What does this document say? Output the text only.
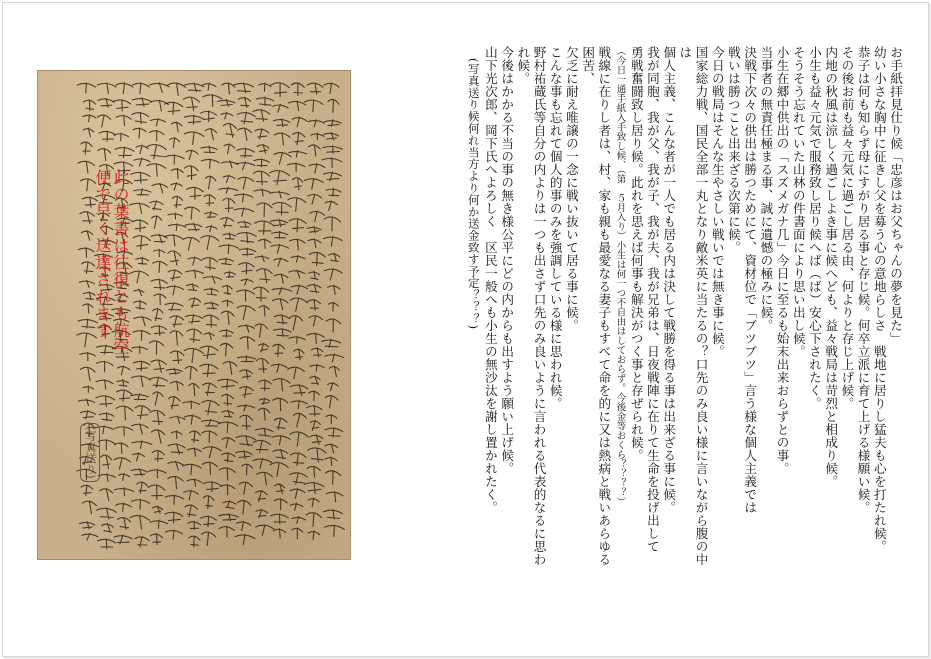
此の葉書は往復とも航空
便で早く送達されます
(写真送り)

お手紙拝見仕り候「忠彦はお父ちゃんの夢を見た」

幼い小さな胸中に征きし父を募う心の意地らしさ　戦地に居りし猛夫も心を打たれ候。

恭子は何も知らず母にすがり居る事と存じ候。何卒立派に育て上げる様願い候。

その後お前も益々元気に過ごし居る由、何よりと存じ上げ候。

内地の秋風は涼しく過ごしよき事に候へども、益々戦局は苛烈と相成り候。

小生も益々元気で服務致し居り候へば（ば）安心下されたく。

そうそう忘れていた山林の件書面により思い出し候。

小生在郷中供出の「スズメガナ几」今日に至るも始末出来おらずとの事。

当事者の無責任極まる事、誠に遺憾の極みに候。

決戦下次々の供出は勝つためにて、資材位で「ブツブツ」言う様な個人主義では

戦いは勝つこと出来ざる次第に候。

今日の戦局はそんな生やさしい戦いでは無き事に候。

国家総力戦、国民全部一丸となり敵米英に当たるの？口先のみ良い様に言いながら腹の中は

個人主義、こんな者が一人でも居る内は決して戦勝を得る事は出来ざる事に候。

我が同胞、我が父、我が子、我が夫、我が兄弟は、日夜戦陣に在りて生命を投げ出して

勇戦奮闘致し居り候。此れを思えば何事も解決がつく事と存ぜられ候。

（今日一通手紙入手致し候、（第　５月入り）小生は何一つ不自由はしておらず。今後金等おくら？？？？）

戦線に在りし者は、村、家も親も最愛なる妻子もすべて命を的に又は熱病と戦いあらゆる困苦、

欠乏に耐え唯譲の一念に戦い抜いて居る事に候。

こんな事も忘れて個人的事のみを強調している様に思われ候。

野村祐蔵氏等自分の内よりは一つも出さず口先のみ良いように言われる代表的なるに思われ候。

今後はかかる不当の事の無き様公平にどの内からも出すよう願い上げ候。

山下光次郎、岡下氏へよろしく　区民一般へも小生の無沙汰を謝し置かれたく。

(写真送り候何れ当方より何か送金致す予定？？？)
